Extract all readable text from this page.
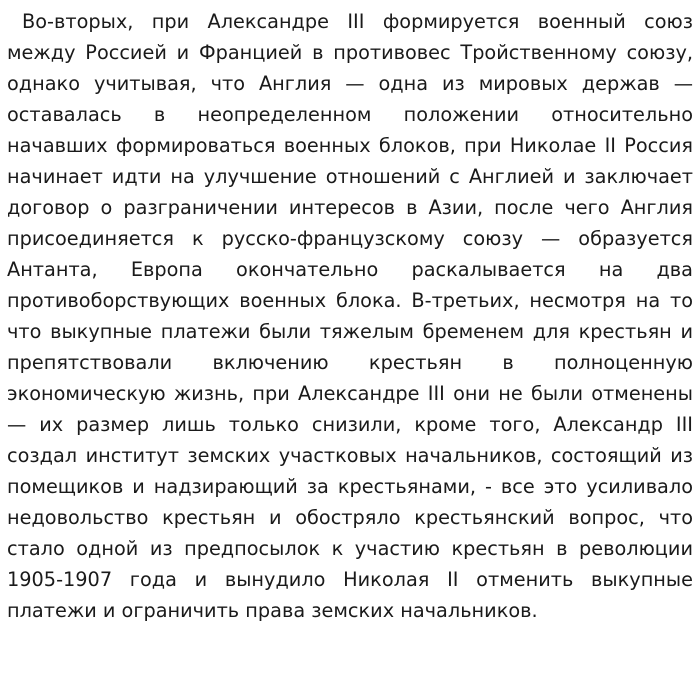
Во-вторых, при Александре III формируется военный союз между Россией и Францией в противовес Тройственному союзу, однако учитывая, что Англия — одна из мировых держав — оставалась в неопределенном положении относительно начавших формироваться военных блоков, при Николае II Россия начинает идти на улучшение отношений с Англией и заключает договор о разграничении интересов в Азии, после чего Англия присоединяется к русско-французскому союзу — образуется Антанта, Европа окончательно раскалывается на два противоборствующих военных блока. В-третьих, несмотря на то что выкупные платежи были тяжелым бременем для крестьян и препятствовали включению крестьян в полноценную экономическую жизнь, при Александре III они не были отменены — их размер лишь только снизили, кроме того, Александр III создал институт земских участковых начальников, состоящий из помещиков и надзирающий за крестьянами, - все это усиливало недовольство крестьян и обостряло крестьянский вопрос, что стало одной из предпосылок к участию крестьян в революции 1905-1907 года и вынудило Николая II отменить выкупные платежи и ограничить права земских начальников.
